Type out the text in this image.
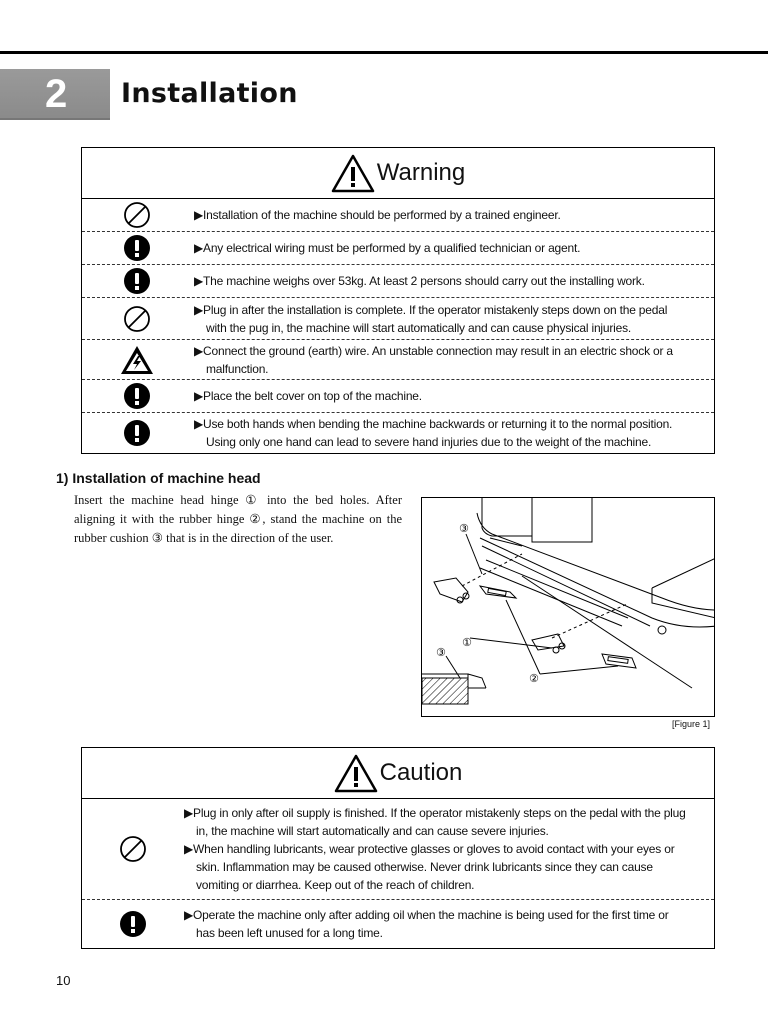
2	Installation
Warning

▶Installation of the machine should be performed by a trained engineer.

▶Any electrical wiring must be performed by a qualified technician or agent.

▶The machine weighs over 53kg. At least 2 persons should carry out the installing work.

▶Plug in after the installation is complete. If the operator mistakenly steps down on the pedal with the pug in, the machine will start automatically and can cause physical injuries.

▶Connect the ground (earth) wire. An unstable connection may result in an electric shock or a malfunction.

▶Place the belt cover on top of the machine.

▶Use both hands when bending the machine backwards or returning it to the normal position. Using only one hand can lead to severe hand injuries due to the weight of the machine.

1) Installation of machine head
Insert the machine head hinge ① into the bed holes. After aligning it with the rubber hinge ②, stand the machine on the rubber cushion ③ that is in the direction of the user.
③
①
③
②
[Figure 1]
Caution

▶Plug in only after oil supply is finished. If the operator mistakenly steps on the pedal with the plug in, the machine will start automatically and can cause severe injuries.

▶When handling lubricants, wear protective glasses or gloves to avoid contact with your eyes or skin. Inflammation may be caused otherwise. Never drink lubricants since they can cause vomiting or diarrhea. Keep out of the reach of children.

▶Operate the machine only after adding oil when the machine is being used for the first time or has been left unused for a long time.

10
